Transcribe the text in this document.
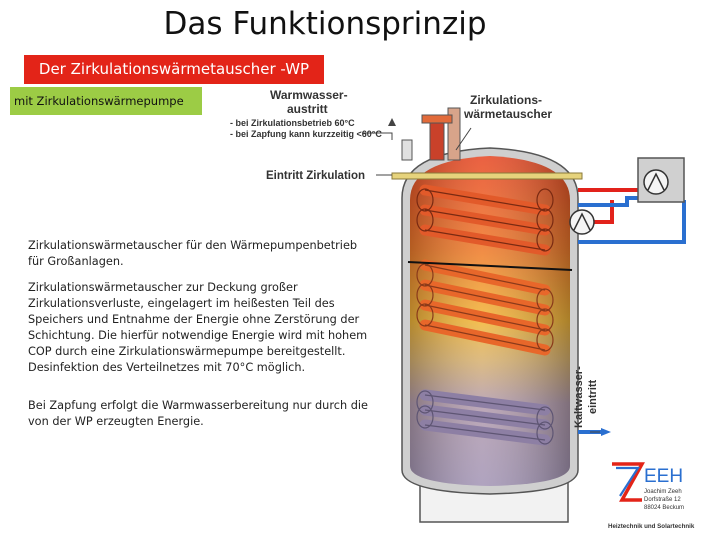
Warmwasser-
austritt
- bei Zirkulationsbetrieb 60°C
- bei Zapfung kann kurzzeitig <60°C
Zirkulations-
wärmetauscher
Eintritt Zirkulation
Kaltwasser- eintritt
Das Funktionsprinzip
Der Zirkulationswärmetauscher -WP
mit Zirkulationswärmepumpe
Zirkulationswärmetauscher für den Wärmepumpenbetrieb für Großanlagen.
Zirkulationswärmetauscher zur Deckung großer Zirkulationsverluste, eingelagert im heißesten Teil des Speichers und Entnahme der Energie ohne Zerstörung der Schichtung. Die hierfür notwendige Energie wird mit hohem COP durch eine Zirkulationswärmepumpe bereitgestellt. Desinfektion des Verteilnetzes mit 70°C möglich.
Bei Zapfung erfolgt die Warmwasserbereitung nur durch die von der WP erzeugten Energie.
EEH
Joachim Zeeh
Dorfstraße 12
88024 Beckum
Heiztechnik und Solartechnik
